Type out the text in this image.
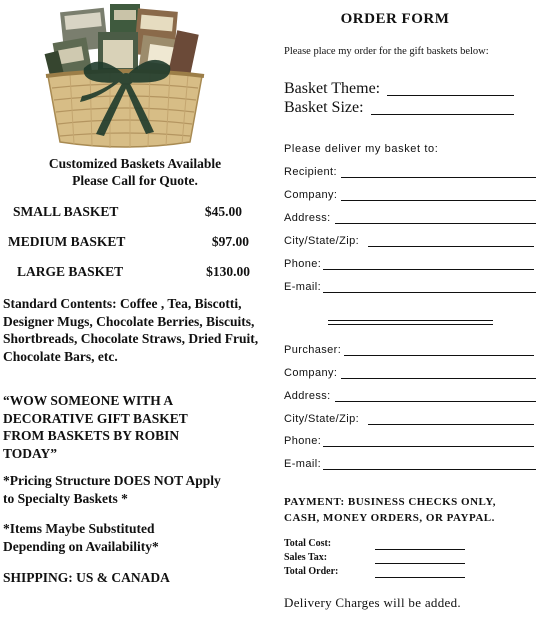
Customized Baskets Available
Please Call for Quote.
SMALL BASKET	$45.00
MEDIUM BASKET	$97.00
LARGE BASKET	$130.00
Standard Contents: Coffee , Tea, Biscotti, Designer Mugs, Chocolate Berries, Biscuits, Shortbreads, Chocolate Straws, Dried Fruit, Chocolate Bars, etc.
“WOW SOMEONE WITH A DECORATIVE GIFT BASKET FROM BASKETS BY ROBIN TODAY”
*Pricing Structure DOES NOT Apply to Specialty Baskets *
*Items Maybe Substituted Depending on Availability*
SHIPPING: US & CANADA
ORDER FORM
Please place my order for the gift baskets below:
Basket Theme:
Basket Size:
Please deliver my basket to:
Recipient:
Company:
Address:
City/State/Zip:
Phone:
E-mail:
Purchaser:
Company:
Address:
City/State/Zip:
Phone:
E-mail:
PAYMENT: BUSINESS CHECKS ONLY,
CASH, MONEY ORDERS, OR PAYPAL.
Total Cost:
Sales Tax:
Total Order:
Delivery Charges will be added.
